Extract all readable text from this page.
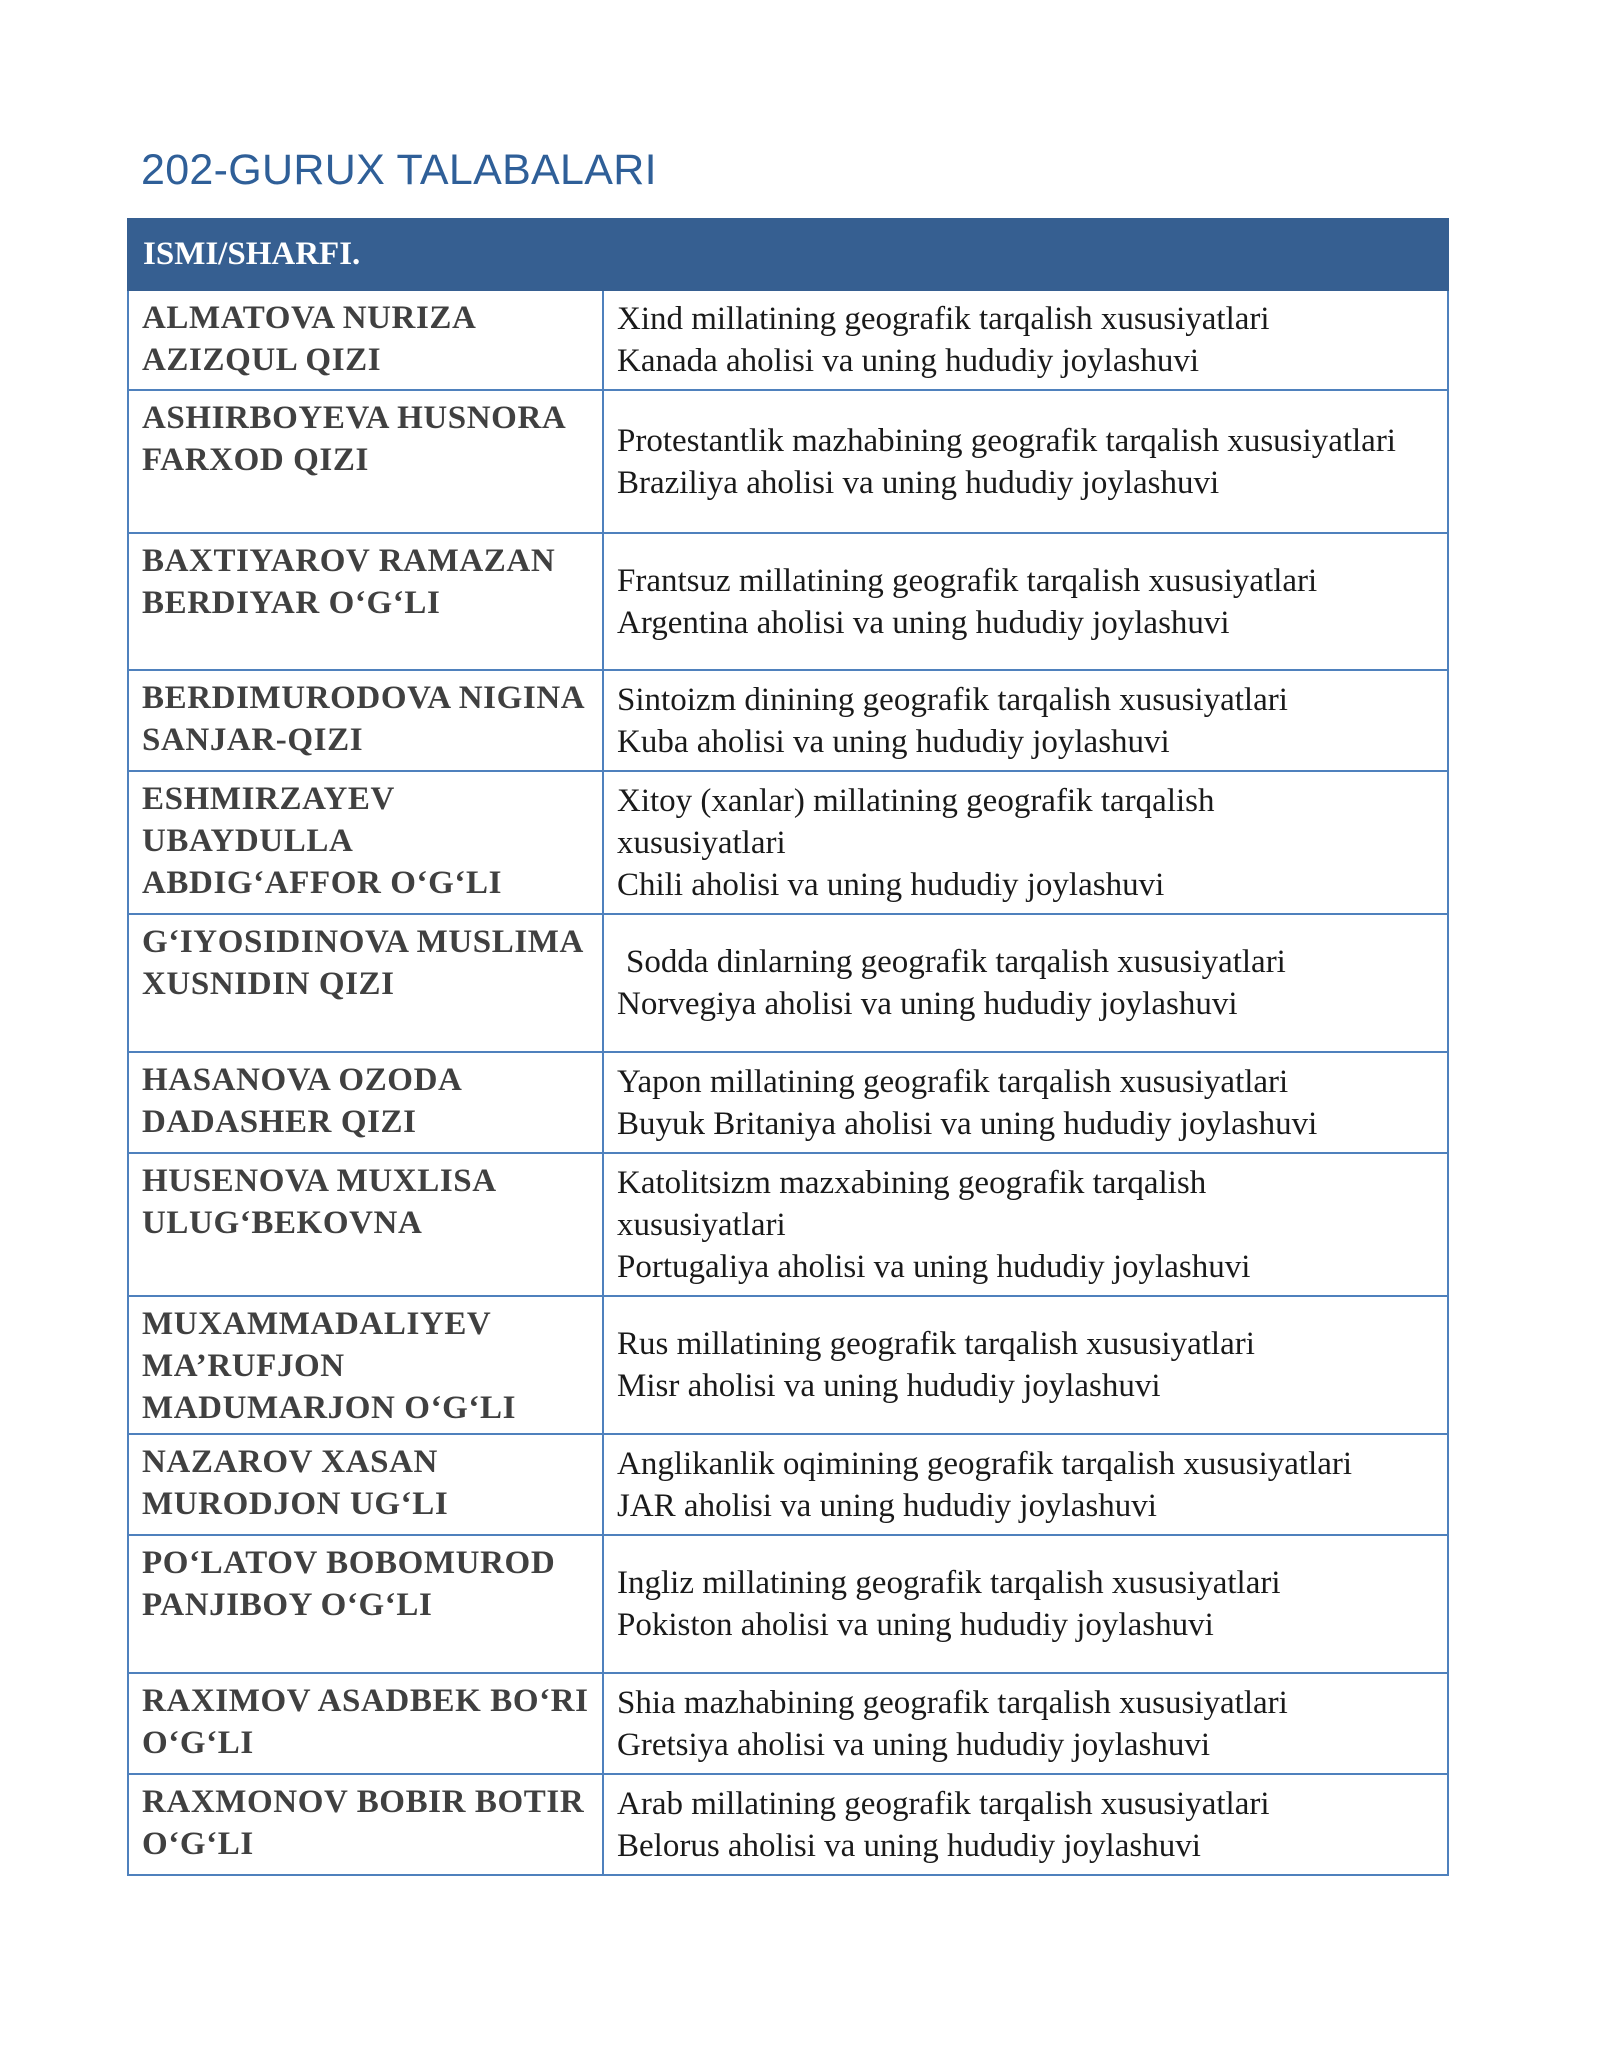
202-GURUX TALABALARI
ISMI/SHARFI.	
ALMATOVA NURIZA AZIZQUL QIZI	Xind millatining geografik tarqalish xususiyatlari
Kanada aholisi va uning hududiy joylashuvi

ASHIRBOYEVA HUSNORA FARXOD QIZI	Protestantlik mazhabining geografik tarqalish xususiyatlari
Braziliya aholisi va uning hududiy joylashuvi

BAXTIYAROV RAMAZAN BERDIYAR O‘G‘LI	Frantsuz millatining geografik tarqalish xususiyatlari
Argentina aholisi va uning hududiy joylashuvi

BERDIMURODOVA NIGINA SANJAR-QIZI	Sintoizm dinining geografik tarqalish xususiyatlari
Kuba aholisi va uning hududiy joylashuvi

ESHMIRZAYEV UBAYDULLA ABDIG‘AFFOR O‘G‘LI	Xitoy (xanlar) millatining geografik tarqalish xususiyatlari
Chili aholisi va uning hududiy joylashuvi

G‘IYOSIDINOVA MUSLIMA XUSNIDIN QIZI	Sodda dinlarning geografik tarqalish xususiyatlari
Norvegiya aholisi va uning hududiy joylashuvi

HASANOVA OZODA DADASHER QIZI	Yapon millatining geografik tarqalish xususiyatlari
Buyuk Britaniya aholisi va uning hududiy joylashuvi

HUSENOVA MUXLISA ULUG‘BEKOVNA	Katolitsizm mazxabining geografik tarqalish xususiyatlari
Portugaliya aholisi va uning hududiy joylashuvi

MUXAMMADALIYEV MA’RUFJON MADUMARJON O‘G‘LI	Rus millatining geografik tarqalish xususiyatlari
Misr aholisi va uning hududiy joylashuvi

NAZAROV XASAN MURODJON UG‘LI	Anglikanlik oqimining geografik tarqalish xususiyatlari
JAR aholisi va uning hududiy joylashuvi

PO‘LATOV BOBOMUROD PANJIBOY O‘G‘LI	Ingliz millatining geografik tarqalish xususiyatlari
Pokiston aholisi va uning hududiy joylashuvi

RAXIMOV ASADBEK BO‘RI O‘G‘LI	Shia mazhabining geografik tarqalish xususiyatlari
Gretsiya aholisi va uning hududiy joylashuvi

RAXMONOV BOBIR BOTIR O‘G‘LI	Arab millatining geografik tarqalish xususiyatlari
Belorus aholisi va uning hududiy joylashuvi
